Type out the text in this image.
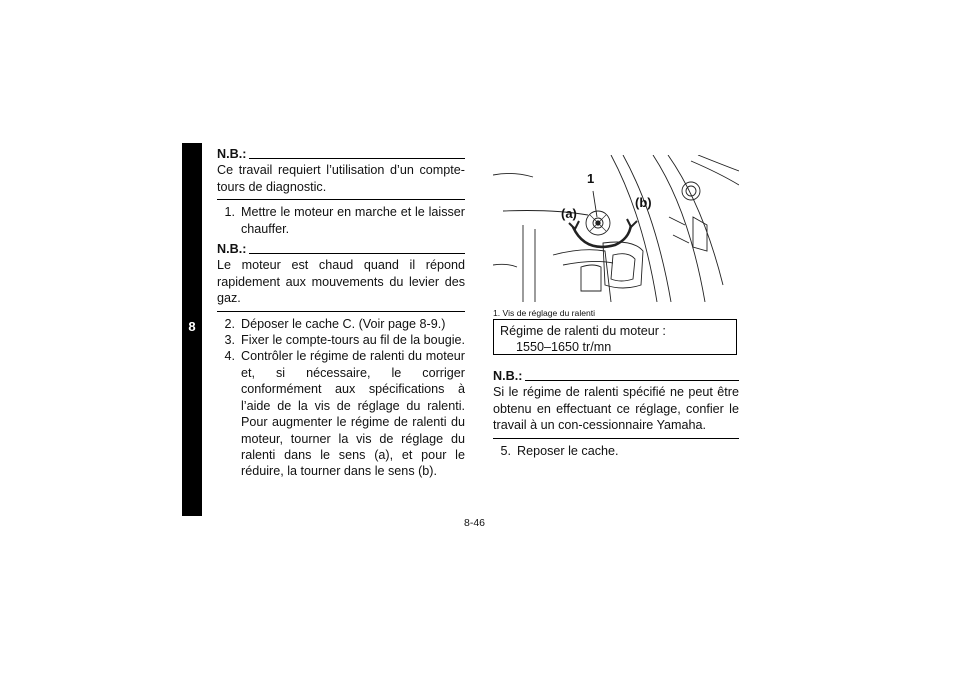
8
N.B.:
Ce travail requiert l’utilisation d’un compte-tours de diagnostic.
1. Mettre le moteur en marche et le laisser chauffer.
N.B.:
Le moteur est chaud quand il répond rapidement aux mouvements du levier des gaz.
2. Déposer le cache C. (Voir page 8-9.)
3. Fixer le compte-tours au fil de la bougie.
4. Contrôler le régime de ralenti du moteur et, si nécessaire, le corriger conformément aux spécifications à l’aide de la vis de réglage du ralenti. Pour augmenter le régime de ralenti du moteur, tourner la vis de réglage du ralenti dans le sens (a), et pour le réduire, la tourner dans le sens (b).
1
(a)
(b)
1. Vis de réglage du ralenti
Régime de ralenti du moteur :
1550–1650 tr/mn
N.B.:
Si le régime de ralenti spécifié ne peut être obtenu en effectuant ce réglage, confier le travail à un con-cessionnaire Yamaha.
5. Reposer le cache.
8-46
